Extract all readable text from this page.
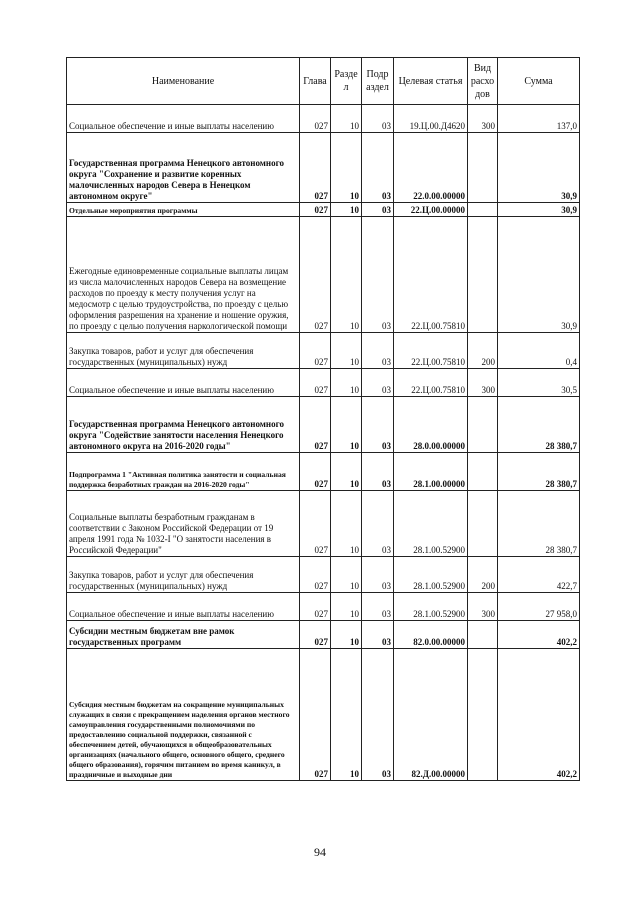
Наименование	Глава	Разде л	Подр аздел	Целевая статья	Вид расхо дов	Сумма
Социальное обеспечение и иные выплаты населению	027	10	03	19.Ц.00.Д4620	300	137,0
Государственная программа Ненецкого автономного округа "Сохранение и развитие коренных малочисленных народов Севера в Ненецком автономном округе"	027	10	03	22.0.00.00000		30,9
Отдельные мероприятия программы	027	10	03	22.Ц.00.00000		30,9
Ежегодные единовременные социальные выплаты лицам из числа малочисленных народов Севера на возмещение расходов по проезду к месту получения услуг на медосмотр с целью трудоустройства, по проезду с целью оформления разрешения на хранение и ношение оружия, по проезду с целью получения наркологической помощи	027	10	03	22.Ц.00.75810		30,9
Закупка товаров, работ и услуг для обеспечения государственных (муниципальных) нужд	027	10	03	22.Ц.00.75810	200	0,4
Социальное обеспечение и иные выплаты населению	027	10	03	22.Ц.00.75810	300	30,5
Государственная программа Ненецкого автономного округа "Содействие занятости населения Ненецкого автономного округа на 2016-2020 годы"	027	10	03	28.0.00.00000		28 380,7
Подпрограмма 1 "Активная политика занятости и социальная поддержка безработных граждан на 2016-2020 годы"	027	10	03	28.1.00.00000		28 380,7
Социальные выплаты безработным гражданам в соответствии с Законом Российской Федерации от 19 апреля 1991 года № 1032-I "О занятости населения в Российской Федерации"	027	10	03	28.1.00.52900		28 380,7
Закупка товаров, работ и услуг для обеспечения государственных (муниципальных) нужд	027	10	03	28.1.00.52900	200	422,7
Социальное обеспечение и иные выплаты населению	027	10	03	28.1.00.52900	300	27 958,0
Субсидии местным бюджетам вне рамок государственных программ	027	10	03	82.0.00.00000		402,2
Субсидия местным бюджетам на сокращение муниципальных служащих в связи с прекращением наделения органов местного самоуправления государственными полномочиями по предоставлению социальной поддержки, связанной с обеспечением детей, обучающихся в общеобразовательных организациях (начального общего, основного общего, среднего общего образования), горячим питанием во время каникул, в праздничные и выходные дни	027	10	03	82.Д.00.00000		402,2
94
